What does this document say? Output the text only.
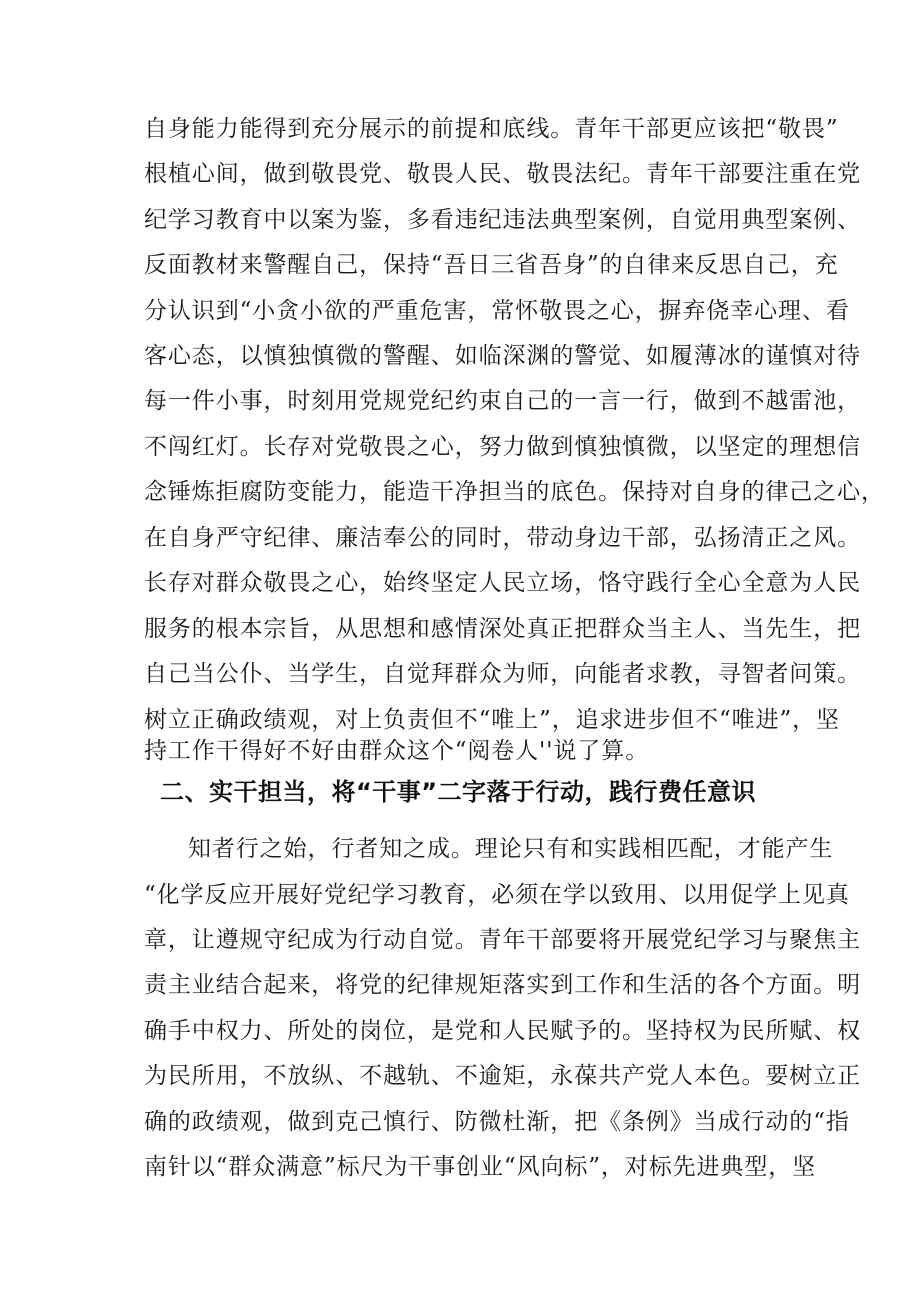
自身能力能得到充分展示的前提和底线。青年干部更应该把“敬畏”
根植心间，做到敬畏党、敬畏人民、敬畏法纪。青年干部要注重在党
纪学习教育中以案为鉴，多看违纪违法典型案例，自觉用典型案例、
反面教材来警醒自己，保持“吾日三省吾身”的自律来反思自己，充
分认识到“小贪小欲的严重危害，常怀敬畏之心，摒弃侥幸心理、看
客心态，以慎独慎微的警醒、如临深渊的警觉、如履薄冰的谨慎对待
每一件小事，时刻用党规党纪约束自己的一言一行，做到不越雷池，
不闯红灯。长存对党敬畏之心，努力做到慎独慎微，以坚定的理想信
念锤炼拒腐防变能力，能造干净担当的底色。保持对自身的律己之心，
在自身严守纪律、廉洁奉公的同时，带动身边干部，弘扬清正之风。
长存对群众敬畏之心，始终坚定人民立场，恪守践行全心全意为人民
服务的根本宗旨，从思想和感情深处真正把群众当主人、当先生，把
自己当公仆、当学生，自觉拜群众为师，向能者求教，寻智者问策。
树立正确政绩观，对上负责但不“唯上”，追求进步但不“唯进”，坚
持工作干得好不好由群众这个“阅卷人''说了算。
二、实干担当，将“干事”二字落于行动，践行费任意识
知者行之始，行者知之成。理论只有和实践相匹配，才能产生
“化学反应开展好党纪学习教育，必须在学以致用、以用促学上见真
章，让遵规守纪成为行动自觉。青年干部要将开展党纪学习与聚焦主
责主业结合起来，将党的纪律规矩落实到工作和生活的各个方面。明
确手中权力、所处的岗位，是党和人民赋予的。坚持权为民所赋、权
为民所用，不放纵、不越轨、不逾矩，永葆共产党人本色。要树立正
确的政绩观，做到克己慎行、防微杜渐，把《条例》当成行动的“指
南针以“群众满意”标尺为干事创业“风向标”，对标先进典型，坚
